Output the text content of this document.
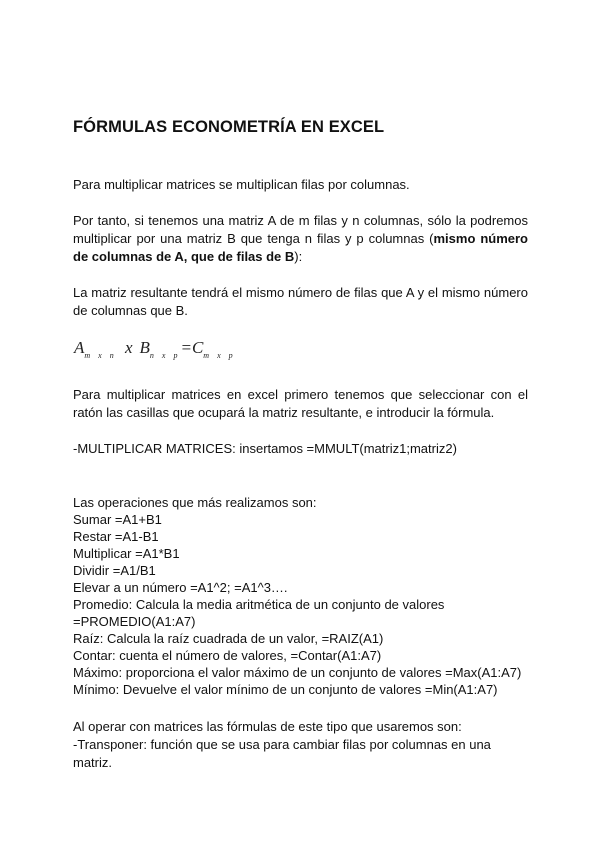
FÓRMULAS ECONOMETRÍA EN EXCEL

Para multiplicar matrices se multiplican filas por columnas.

Por tanto, si tenemos una matriz A de m filas y n columnas, sólo la podremos multiplicar por una matriz B que tenga n filas y p columnas (mismo número de columnas de A, que de filas de B):

La matriz resultante tendrá el mismo número de filas que A y el mismo número de columnas que B.

$A_{m x n}$ x $B_{n x p}=C_{m x p}$

Para multiplicar matrices en excel primero tenemos que seleccionar con el ratón las casillas que ocupará la matriz resultante, e introducir la fórmula.

-MULTIPLICAR MATRICES: insertamos =MMULT(matriz1;matriz2)

Las operaciones que más realizamos son:
Sumar =A1+B1
Restar =A1-B1
Multiplicar =A1*B1
Dividir =A1/B1
Elevar a un número =A1^2; =A1^3….
Promedio: Calcula la media aritmética de un conjunto de valores
=PROMEDIO(A1:A7)
Raíz: Calcula la raíz cuadrada de un valor, =RAIZ(A1)
Contar: cuenta el número de valores, =Contar(A1:A7)
Máximo: proporciona el valor máximo de un conjunto de valores =Max(A1:A7)
Mínimo: Devuelve el valor mínimo de un conjunto de valores =Min(A1:A7)

Al operar con matrices las fórmulas de este tipo que usaremos son:

-Transponer: función que se usa para cambiar filas por columnas en una matriz.
